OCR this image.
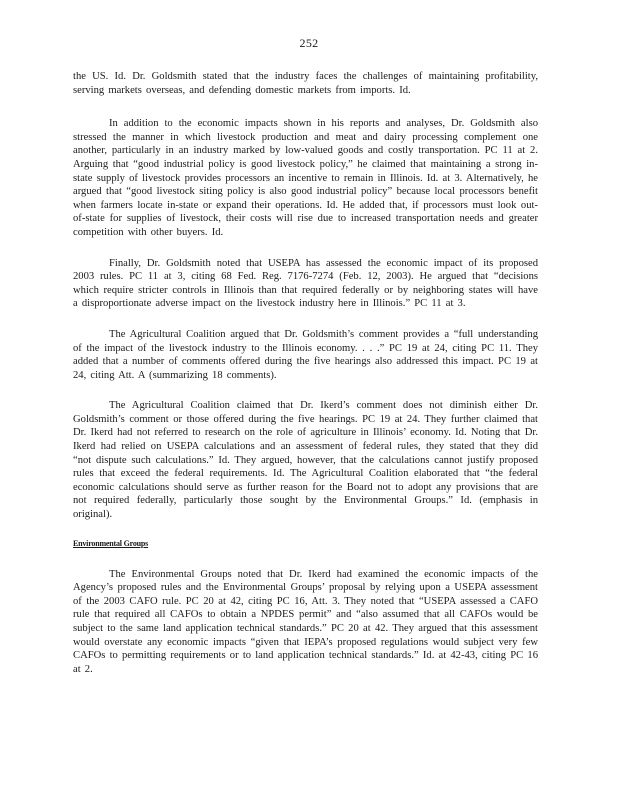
252

the US. Id. Dr. Goldsmith stated that the industry faces the challenges of maintaining profitability, serving markets overseas, and defending domestic markets from imports. Id.

In addition to the economic impacts shown in his reports and analyses, Dr. Goldsmith also stressed the manner in which livestock production and meat and dairy processing complement one another, particularly in an industry marked by low-valued goods and costly transportation. PC 11 at 2. Arguing that “good industrial policy is good livestock policy,” he claimed that maintaining a strong in-state supply of livestock provides processors an incentive to remain in Illinois. Id. at 3. Alternatively, he argued that “good livestock siting policy is also good industrial policy” because local processors benefit when farmers locate in-state or expand their operations. Id. He added that, if processors must look out-of-state for supplies of livestock, their costs will rise due to increased transportation needs and greater competition with other buyers. Id.

Finally, Dr. Goldsmith noted that USEPA has assessed the economic impact of its proposed 2003 rules. PC 11 at 3, citing 68 Fed. Reg. 7176-7274 (Feb. 12, 2003). He argued that “decisions which require stricter controls in Illinois than that required federally or by neighboring states will have a disproportionate adverse impact on the livestock industry here in Illinois.” PC 11 at 3.

The Agricultural Coalition argued that Dr. Goldsmith’s comment provides a “full understanding of the impact of the livestock industry to the Illinois economy. . . .” PC 19 at 24, citing PC 11. They added that a number of comments offered during the five hearings also addressed this impact. PC 19 at 24, citing Att. A (summarizing 18 comments).

The Agricultural Coalition claimed that Dr. Ikerd’s comment does not diminish either Dr. Goldsmith’s comment or those offered during the five hearings. PC 19 at 24. They further claimed that Dr. Ikerd had not referred to research on the role of agriculture in Illinois’ economy. Id. Noting that Dr. Ikerd had relied on USEPA calculations and an assessment of federal rules, they stated that they did “not dispute such calculations.” Id. They argued, however, that the calculations cannot justify proposed rules that exceed the federal requirements. Id. The Agricultural Coalition elaborated that “the federal economic calculations should serve as further reason for the Board not to adopt any provisions that are not required federally, particularly those sought by the Environmental Groups.” Id. (emphasis in original).

Environmental Groups

The Environmental Groups noted that Dr. Ikerd had examined the economic impacts of the Agency’s proposed rules and the Environmental Groups’ proposal by relying upon a USEPA assessment of the 2003 CAFO rule. PC 20 at 42, citing PC 16, Att. 3. They noted that “USEPA assessed a CAFO rule that required all CAFOs to obtain a NPDES permit” and “also assumed that all CAFOs would be subject to the same land application technical standards.” PC 20 at 42. They argued that this assessment would overstate any economic impacts “given that IEPA’s proposed regulations would subject very few CAFOs to permitting requirements or to land application technical standards.” Id. at 42-43, citing PC 16 at 2.
